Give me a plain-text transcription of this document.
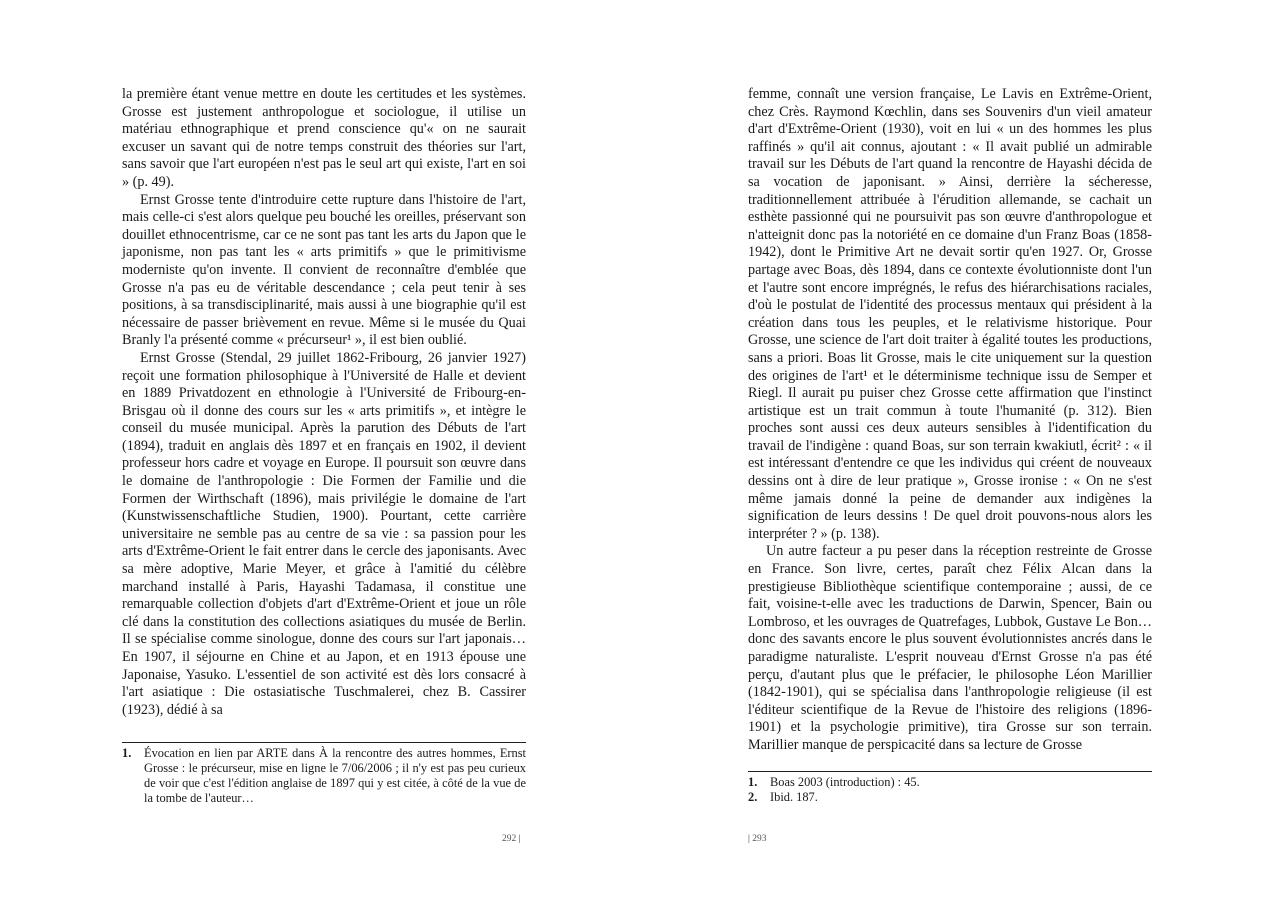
la première étant venue mettre en doute les certitudes et les systèmes. Grosse est justement anthropologue et sociologue, il utilise un matériau ethnographique et prend conscience qu'« on ne saurait excuser un savant qui de notre temps construit des théories sur l'art, sans savoir que l'art européen n'est pas le seul art qui existe, l'art en soi » (p. 49).

Ernst Grosse tente d'introduire cette rupture dans l'histoire de l'art, mais celle-ci s'est alors quelque peu bouché les oreilles, préservant son douillet ethnocentrisme, car ce ne sont pas tant les arts du Japon que le japonisme, non pas tant les « arts primitifs » que le primitivisme moderniste qu'on invente. Il convient de reconnaître d'emblée que Grosse n'a pas eu de véritable descendance ; cela peut tenir à ses positions, à sa transdisciplinarité, mais aussi à une biographie qu'il est nécessaire de passer brièvement en revue. Même si le musée du Quai Branly l'a présenté comme « précurseur¹ », il est bien oublié.

Ernst Grosse (Stendal, 29 juillet 1862-Fribourg, 26 janvier 1927) reçoit une formation philosophique à l'Université de Halle et devient en 1889 Privatdozent en ethnologie à l'Université de Fribourg-en-Brisgau où il donne des cours sur les « arts primitifs », et intègre le conseil du musée municipal. Après la parution des Débuts de l'art (1894), traduit en anglais dès 1897 et en français en 1902, il devient professeur hors cadre et voyage en Europe. Il poursuit son œuvre dans le domaine de l'anthropologie : Die Formen der Familie und die Formen der Wirthschaft (1896), mais privilégie le domaine de l'art (Kunstwissenschaftliche Studien, 1900). Pourtant, cette carrière universitaire ne semble pas au centre de sa vie : sa passion pour les arts d'Extrême-Orient le fait entrer dans le cercle des japonisants. Avec sa mère adoptive, Marie Meyer, et grâce à l'amitié du célèbre marchand installé à Paris, Hayashi Tadamasa, il constitue une remarquable collection d'objets d'art d'Extrême-Orient et joue un rôle clé dans la constitution des collections asiatiques du musée de Berlin. Il se spécialise comme sinologue, donne des cours sur l'art japonais… En 1907, il séjourne en Chine et au Japon, et en 1913 épouse une Japonaise, Yasuko. L'essentiel de son activité est dès lors consacré à l'art asiatique : Die ostasiatische Tuschmalerei, chez B. Cassirer (1923), dédié à sa

1.	Évocation en lien par ARTE dans À la rencontre des autres hommes, Ernst Grosse : le précurseur, mise en ligne le 7/06/2006 ; il n'y est pas peu curieux de voir que c'est l'édition anglaise de 1897 qui y est citée, à côté de la vue de la tombe de l'auteur…
292 |

femme, connaît une version française, Le Lavis en Extrême-Orient, chez Crès. Raymond Kœchlin, dans ses Souvenirs d'un vieil amateur d'art d'Extrême-Orient (1930), voit en lui « un des hommes les plus raffinés » qu'il ait connus, ajoutant : « Il avait publié un admirable travail sur les Débuts de l'art quand la rencontre de Hayashi décida de sa vocation de japonisant. » Ainsi, derrière la sécheresse, traditionnellement attribuée à l'érudition allemande, se cachait un esthète passionné qui ne poursuivit pas son œuvre d'anthropologue et n'atteignit donc pas la notoriété en ce domaine d'un Franz Boas (1858-1942), dont le Primitive Art ne devait sortir qu'en 1927. Or, Grosse partage avec Boas, dès 1894, dans ce contexte évolutionniste dont l'un et l'autre sont encore imprégnés, le refus des hiérarchisations raciales, d'où le postulat de l'identité des processus mentaux qui président à la création dans tous les peuples, et le relativisme historique. Pour Grosse, une science de l'art doit traiter à égalité toutes les productions, sans a priori. Boas lit Grosse, mais le cite uniquement sur la question des origines de l'art¹ et le déterminisme technique issu de Semper et Riegl. Il aurait pu puiser chez Grosse cette affirmation que l'instinct artistique est un trait commun à toute l'humanité (p. 312). Bien proches sont aussi ces deux auteurs sensibles à l'identification du travail de l'indigène : quand Boas, sur son terrain kwakiutl, écrit² : « il est intéressant d'entendre ce que les individus qui créent de nouveaux dessins ont à dire de leur pratique », Grosse ironise : « On ne s'est même jamais donné la peine de demander aux indigènes la signification de leurs dessins ! De quel droit pouvons-nous alors les interpréter ? » (p. 138).

Un autre facteur a pu peser dans la réception restreinte de Grosse en France. Son livre, certes, paraît chez Félix Alcan dans la prestigieuse Bibliothèque scientifique contemporaine ; aussi, de ce fait, voisine-t-elle avec les traductions de Darwin, Spencer, Bain ou Lombroso, et les ouvrages de Quatrefages, Lubbok, Gustave Le Bon… donc des savants encore le plus souvent évolutionnistes ancrés dans le paradigme naturaliste. L'esprit nouveau d'Ernst Grosse n'a pas été perçu, d'autant plus que le préfacier, le philosophe Léon Marillier (1842-1901), qui se spécialisa dans l'anthropologie religieuse (il est l'éditeur scientifique de la Revue de l'histoire des religions (1896-1901) et la psychologie primitive), tira Grosse sur son terrain. Marillier manque de perspicacité dans sa lecture de Grosse

1.	Boas 2003 (introduction) : 45.
2.	Ibid. 187.
| 293
